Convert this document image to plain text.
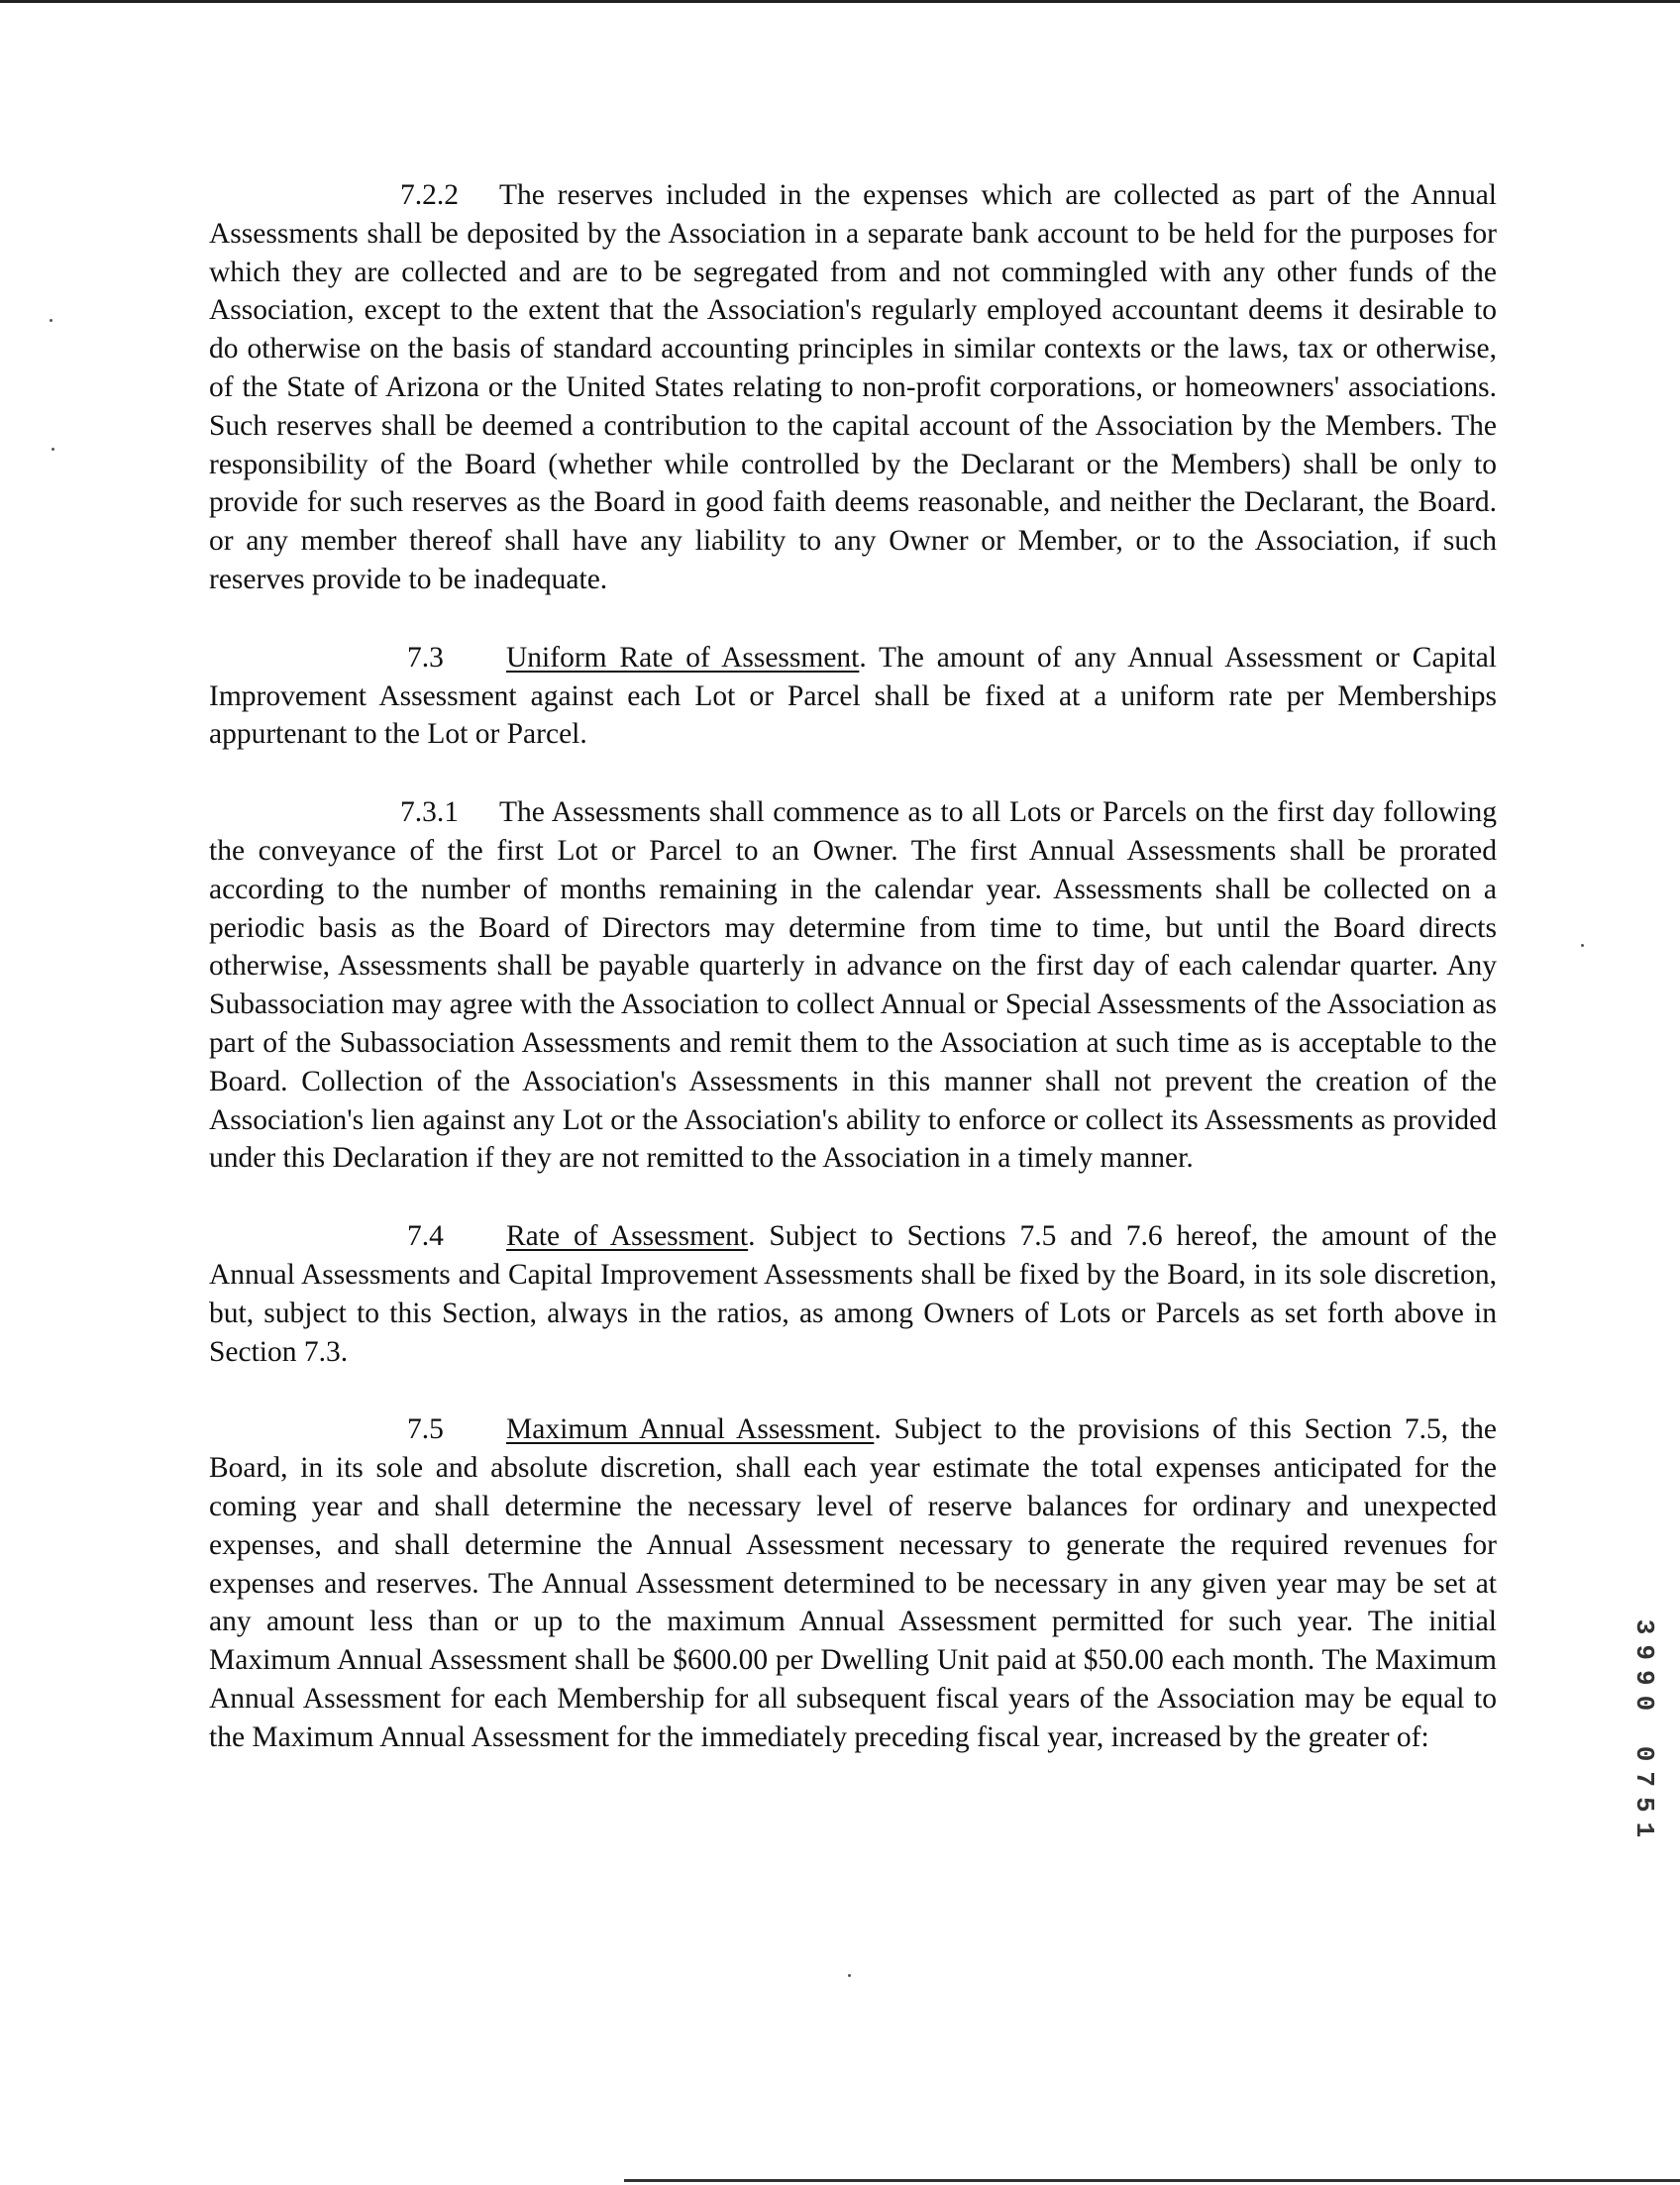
7.2.2 The reserves included in the expenses which are collected as part of the Annual Assessments shall be deposited by the Association in a separate bank account to be held for the purposes for which they are collected and are to be segregated from and not commingled with any other funds of the Association, except to the extent that the Association's regularly employed accountant deems it desirable to do otherwise on the basis of standard accounting principles in similar contexts or the laws, tax or otherwise, of the State of Arizona or the United States relating to non-profit corporations, or homeowners' associations. Such reserves shall be deemed a contribution to the capital account of the Association by the Members. The responsibility of the Board (whether while controlled by the Declarant or the Members) shall be only to provide for such reserves as the Board in good faith deems reasonable, and neither the Declarant, the Board. or any member thereof shall have any liability to any Owner or Member, or to the Association, if such reserves provide to be inadequate.

7.3 Uniform Rate of Assessment. The amount of any Annual Assessment or Capital Improvement Assessment against each Lot or Parcel shall be fixed at a uniform rate per Memberships appurtenant to the Lot or Parcel.

7.3.1 The Assessments shall commence as to all Lots or Parcels on the first day following the conveyance of the first Lot or Parcel to an Owner. The first Annual Assessments shall be prorated according to the number of months remaining in the calendar year. Assessments shall be collected on a periodic basis as the Board of Directors may determine from time to time, but until the Board directs otherwise, Assessments shall be payable quarterly in advance on the first day of each calendar quarter. Any Subassociation may agree with the Association to collect Annual or Special Assessments of the Association as part of the Subassociation Assessments and remit them to the Association at such time as is acceptable to the Board. Collection of the Association's Assessments in this manner shall not prevent the creation of the Association's lien against any Lot or the Association's ability to enforce or collect its Assessments as provided under this Declaration if they are not remitted to the Association in a timely manner.

7.4 Rate of Assessment. Subject to Sections 7.5 and 7.6 hereof, the amount of the Annual Assessments and Capital Improvement Assessments shall be fixed by the Board, in its sole discretion, but, subject to this Section, always in the ratios, as among Owners of Lots or Parcels as set forth above in Section 7.3.

7.5 Maximum Annual Assessment. Subject to the provisions of this Section 7.5, the Board, in its sole and absolute discretion, shall each year estimate the total expenses anticipated for the coming year and shall determine the necessary level of reserve balances for ordinary and unexpected expenses, and shall determine the Annual Assessment necessary to generate the required revenues for expenses and reserves. The Annual Assessment determined to be necessary in any given year may be set at any amount less than or up to the maximum Annual Assessment permitted for such year. The initial Maximum Annual Assessment shall be $600.00 per Dwelling Unit paid at $50.00 each month. The Maximum Annual Assessment for each Membership for all subsequent fiscal years of the Association may be equal to the Maximum Annual Assessment for the immediately preceding fiscal year, increased by the greater of:	3990 0751
